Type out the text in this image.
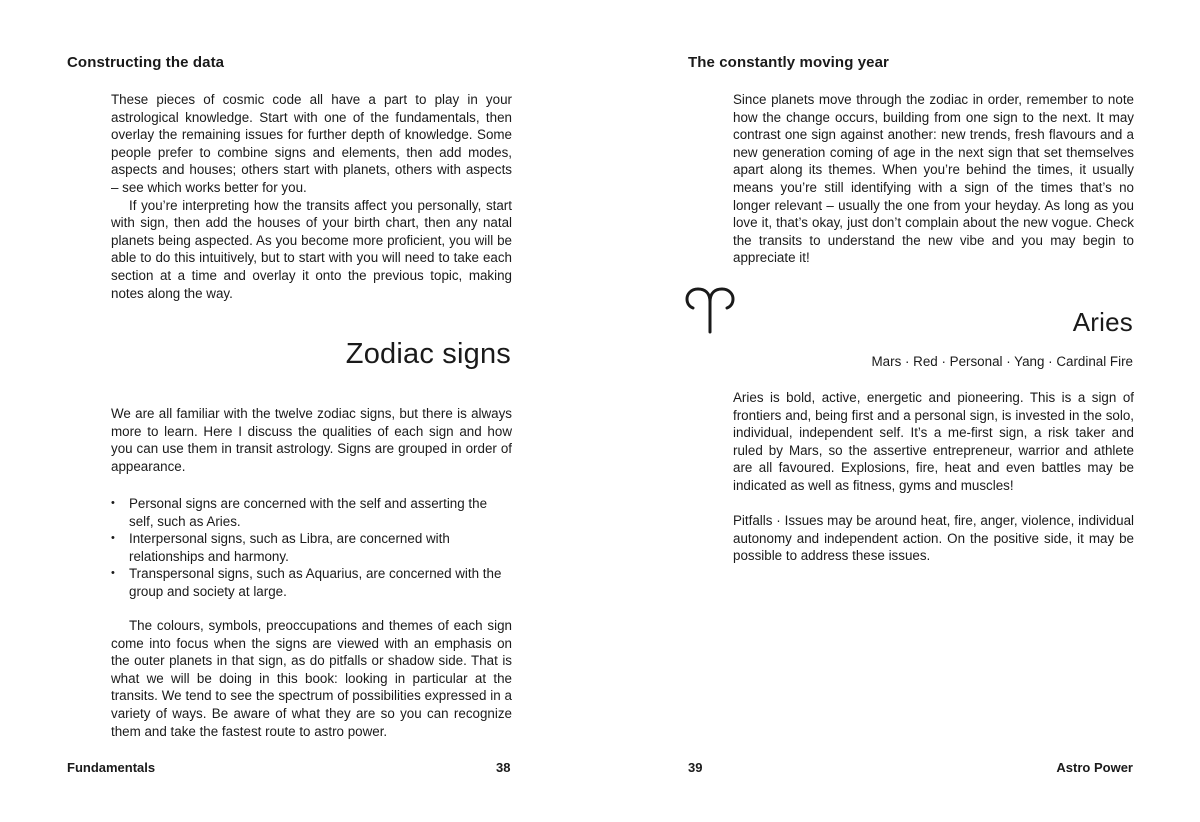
Constructing the data

These pieces of cosmic code all have a part to play in your astrological knowledge. Start with one of the fundamentals, then overlay the remaining issues for further depth of knowledge. Some people prefer to combine signs and elements, then add modes, aspects and houses; others start with planets, others with aspects – see which works better for you.

If you’re interpreting how the transits affect you personally, start with sign, then add the houses of your birth chart, then any natal planets being aspected. As you become more proficient, you will be able to do this intuitively, but to start with you will need to take each section at a time and overlay it onto the previous topic, making notes along the way.

Zodiac signs

We are all familiar with the twelve zodiac signs, but there is always more to learn. Here I discuss the qualities of each sign and how you can use them in transit astrology. Signs are grouped in order of appearance.

• Personal signs are concerned with the self and asserting the self, such as Aries.
• Interpersonal signs, such as Libra, are concerned with relationships and harmony.
• Transpersonal signs, such as Aquarius, are concerned with the group and society at large.

The colours, symbols, preoccupations and themes of each sign come into focus when the signs are viewed with an emphasis on the outer planets in that sign, as do pitfalls or shadow side. That is what we will be doing in this book: looking in particular at the transits. We tend to see the spectrum of possibilities expressed in a variety of ways. Be aware of what they are so you can recognize them and take the fastest route to astro power.

Fundamentals	38
The constantly moving year

Since planets move through the zodiac in order, remember to note how the change occurs, building from one sign to the next. It may contrast one sign against another: new trends, fresh flavours and a new generation coming of age in the next sign that set themselves apart along its themes. When you’re behind the times, it usually means you’re still identifying with a sign of the times that’s no longer relevant – usually the one from your heyday. As long as you love it, that’s okay, just don’t complain about the new vogue. Check the transits to understand the new vibe and you may begin to appreciate it!

Aries
Mars · Red · Personal · Yang · Cardinal Fire

Aries is bold, active, energetic and pioneering. This is a sign of frontiers and, being first and a personal sign, is invested in the solo, individual, independent self. It’s a me-first sign, a risk taker and ruled by Mars, so the assertive entrepreneur, warrior and athlete are all favoured. Explosions, fire, heat and even battles may be indicated as well as fitness, gyms and muscles!

Pitfalls · Issues may be around heat, fire, anger, violence, individual autonomy and independent action. On the positive side, it may be possible to address these issues.

39	Astro Power
